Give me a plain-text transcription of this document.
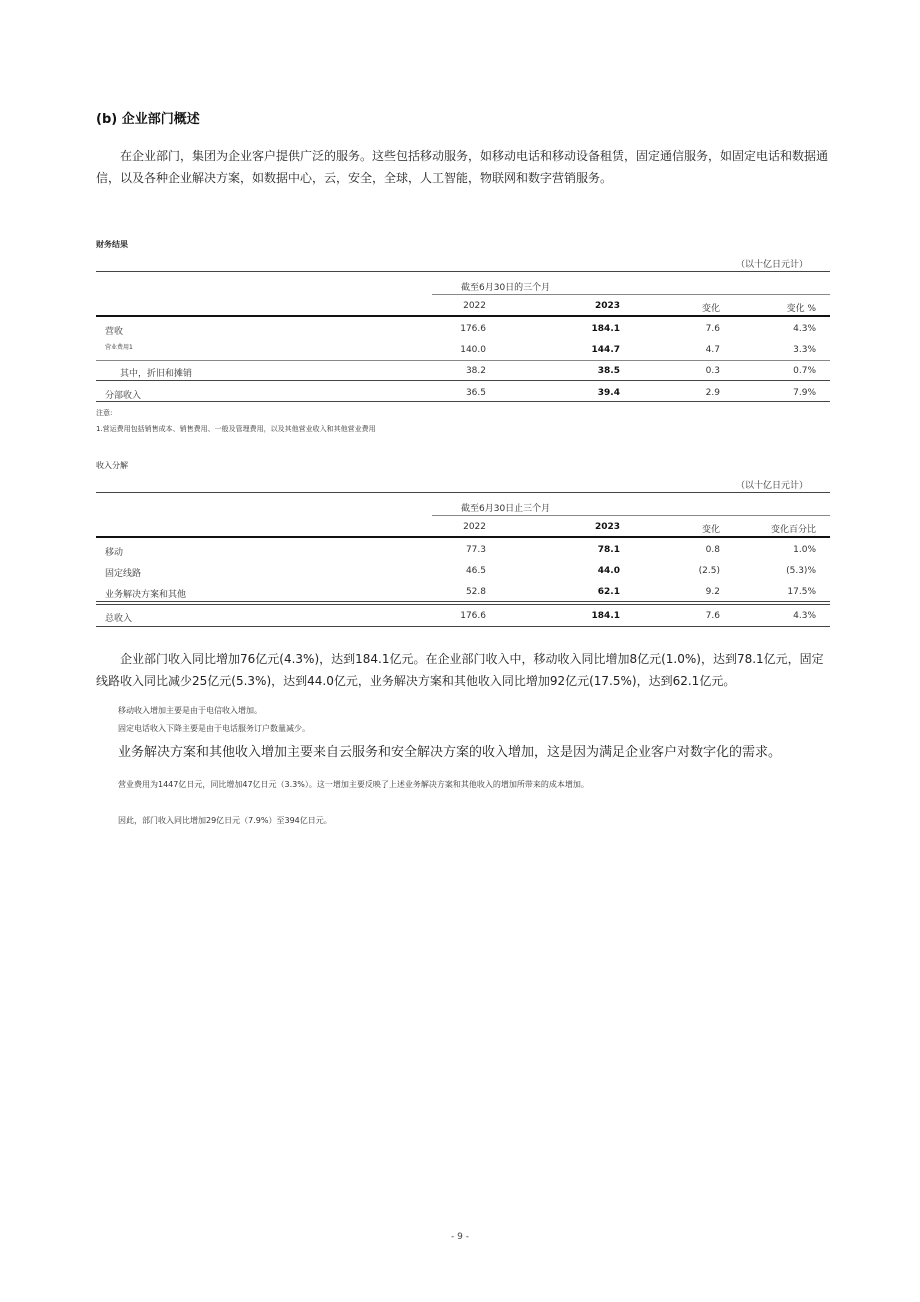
(b) 企业部门概述
在企业部门，集团为企业客户提供广泛的服务。这些包括移动服务，如移动电话和移动设备租赁，固定通信服务，如固定电话和数据通信，以及各种企业解决方案，如数据中心，云，安全，全球，人工智能，物联网和数字营销服务。
财务结果
（以十亿日元计）
截至6月30日的三个月
2022	2023	变化	变化 %
营收	176.6	184.1	7.6	4.3%
营业费用1	140.0	144.7	4.7	3.3%
其中，折旧和摊销	38.2	38.5	0.3	0.7%
分部收入	36.5	39.4	2.9	7.9%
注意:
1.营运费用包括销售成本、销售费用、一般及管理费用，以及其他营业收入和其他营业费用
收入分解
（以十亿日元计）
截至6月30日止三个月
2022	2023	变化	变化百分比
移动	77.3	78.1	0.8	1.0%
固定线路	46.5	44.0	(2.5)	(5.3)%
业务解决方案和其他	52.8	62.1	9.2	17.5%
总收入	176.6	184.1	7.6	4.3%
企业部门收入同比增加76亿元(4.3%)，达到184.1亿元。在企业部门收入中，移动收入同比增加8亿元(1.0%)，达到78.1亿元，固定线路收入同比减少25亿元(5.3%)，达到44.0亿元，业务解决方案和其他收入同比增加92亿元(17.5%)，达到62.1亿元。
移动收入增加主要是由于电信收入增加。
固定电话收入下降主要是由于电话服务订户数量减少。
业务解决方案和其他收入增加主要来自云服务和安全解决方案的收入增加，这是因为满足企业客户对数字化的需求。
营业费用为1447亿日元，同比增加47亿日元（3.3%）。这一增加主要反映了上述业务解决方案和其他收入的增加所带来的成本增加。
因此，部门收入同比增加29亿日元（7.9%）至394亿日元。
- 9 -
